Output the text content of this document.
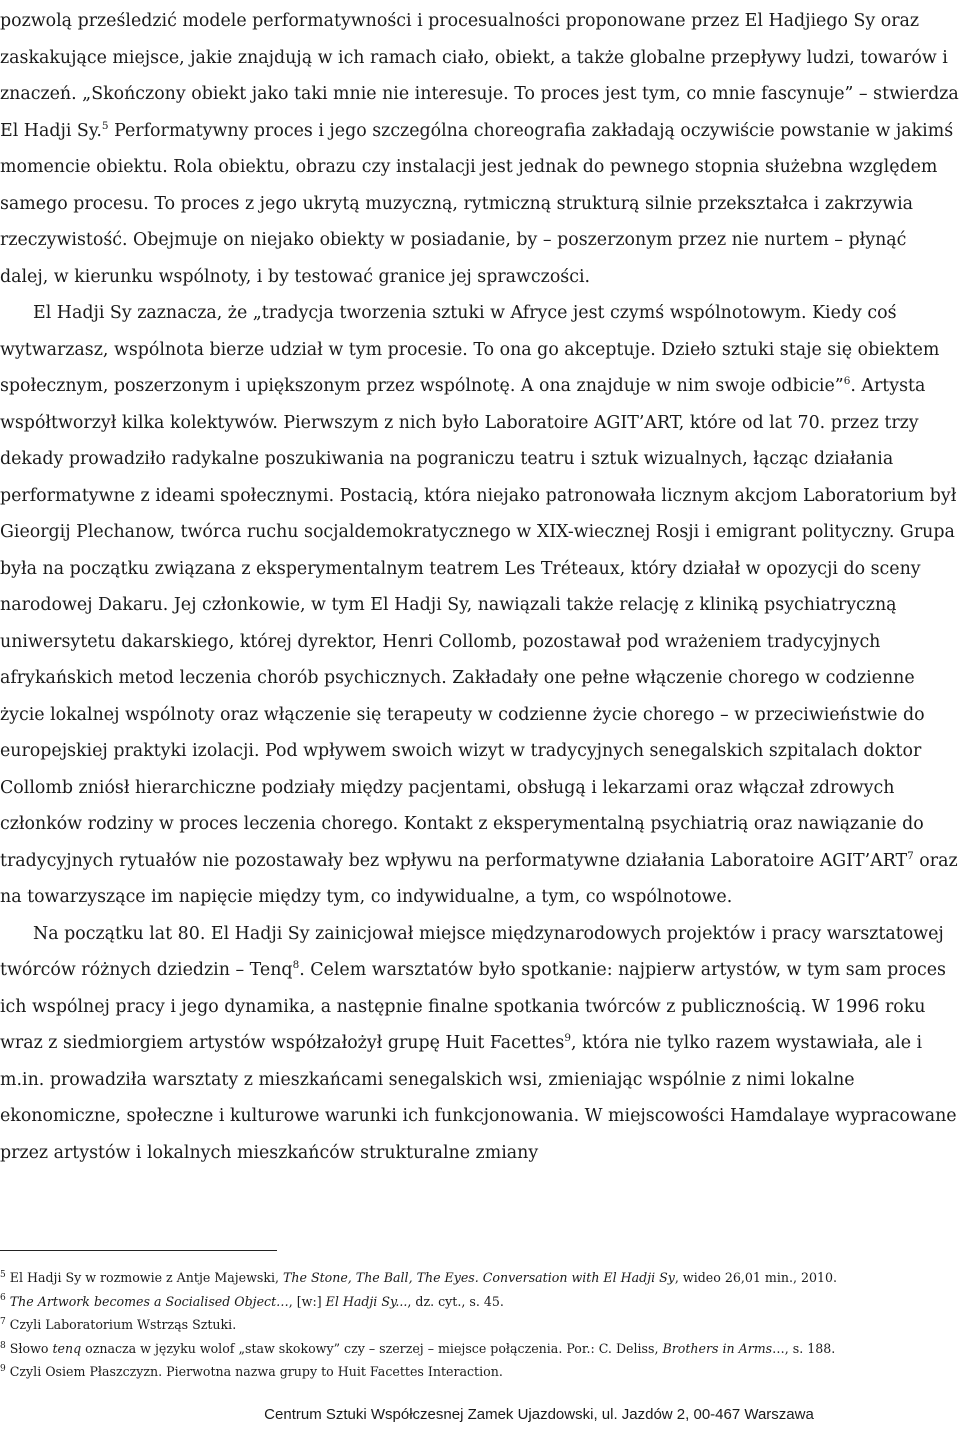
pozwolą prześledzić modele performatywności i procesualności proponowane przez El Hadjiego Sy oraz zaskakujące miejsce, jakie znajdują w ich ramach ciało, obiekt, a także globalne przepływy ludzi, towarów i znaczeń. „Skończony obiekt jako taki mnie nie interesuje. To proces jest tym, co mnie fascynuje” – stwierdza El Hadji Sy.$^5$ Performatywny proces i jego szczególna choreografia zakładają oczywiście powstanie w jakimś momencie obiektu. Rola obiektu, obrazu czy instalacji jest jednak do pewnego stopnia służebna względem samego procesu. To proces z jego ukrytą muzyczną, rytmiczną strukturą silnie przekształca i zakrzywia rzeczywistość. Obejmuje on niejako obiekty w posiadanie, by – poszerzonym przez nie nurtem – płynąć dalej, w kierunku wspólnoty, i by testować granice jej sprawczości.

El Hadji Sy zaznacza, że „tradycja tworzenia sztuki w Afryce jest czymś wspólnotowym. Kiedy coś wytwarzasz, wspólnota bierze udział w tym procesie. To ona go akceptuje. Dzieło sztuki staje się obiektem społecznym, poszerzonym i upiększonym przez wspólnotę. A ona znajduje w nim swoje odbicie”$^6$. Artysta współtworzył kilka kolektywów. Pierwszym z nich było Laboratoire AGIT’ART, które od lat 70. przez trzy dekady prowadziło radykalne poszukiwania na pograniczu teatru i sztuk wizualnych, łącząc działania performatywne z ideami społecznymi. Postacią, która niejako patronowała licznym akcjom Laboratorium był Gieorgij Plechanow, twórca ruchu socjaldemokratycznego w XIX-wiecznej Rosji i emigrant polityczny. Grupa była na początku związana z eksperymentalnym teatrem Les Tréteaux, który działał w opozycji do sceny narodowej Dakaru. Jej członkowie, w tym El Hadji Sy, nawiązali także relację z kliniką psychiatryczną uniwersytetu dakarskiego, której dyrektor, Henri Collomb, pozostawał pod wrażeniem tradycyjnych afrykańskich metod leczenia chorób psychicznych. Zakładały one pełne włączenie chorego w codzienne życie lokalnej wspólnoty oraz włączenie się terapeuty w codzienne życie chorego – w przeciwieństwie do europejskiej praktyki izolacji. Pod wpływem swoich wizyt w tradycyjnych senegalskich szpitalach doktor Collomb zniósł hierarchiczne podziały między pacjentami, obsługą i lekarzami oraz włączał zdrowych członków rodziny w proces leczenia chorego. Kontakt z eksperymentalną psychiatrią oraz nawiązanie do tradycyjnych rytuałów nie pozostawały bez wpływu na performatywne działania Laboratoire AGIT’ART$^7$ oraz na towarzyszące im napięcie między tym, co indywidualne, a tym, co wspólnotowe.

Na początku lat 80. El Hadji Sy zainicjował miejsce międzynarodowych projektów i pracy warsztatowej twórców różnych dziedzin – Tenq$^8$. Celem warsztatów było spotkanie: najpierw artystów, w tym sam proces ich wspólnej pracy i jego dynamika, a następnie finalne spotkania twórców z publicznością. W 1996 roku wraz z siedmiorgiem artystów współzałożył grupę Huit Facettes$^9$, która nie tylko razem wystawiała, ale i m.in. prowadziła warsztaty z mieszkańcami senegalskich wsi, zmieniając wspólnie z nimi lokalne ekonomiczne, społeczne i kulturowe warunki ich funkcjonowania. W miejscowości Hamdalaye wypracowane przez artystów i lokalnych mieszkańców strukturalne zmiany

$^5$ El Hadji Sy w rozmowie z Antje Majewski, The Stone, The Ball, The Eyes. Conversation with El Hadji Sy, wideo 26,01 min., 2010.
$^6$ The Artwork becomes a Socialised Object…, [w:] El Hadji Sy..., dz. cyt., s. 45.
$^7$ Czyli Laboratorium Wstrząs Sztuki.
$^8$ Słowo tenq oznacza w języku wolof „staw skokowy” czy – szerzej – miejsce połączenia. Por.: C. Deliss, Brothers in Arms…, s. 188.
$^9$ Czyli Osiem Płaszczyzn. Pierwotna nazwa grupy to Huit Facettes Interaction.
Centrum Sztuki Współczesnej Zamek Ujazdowski, ul. Jazdów 2, 00-467 Warszawa
